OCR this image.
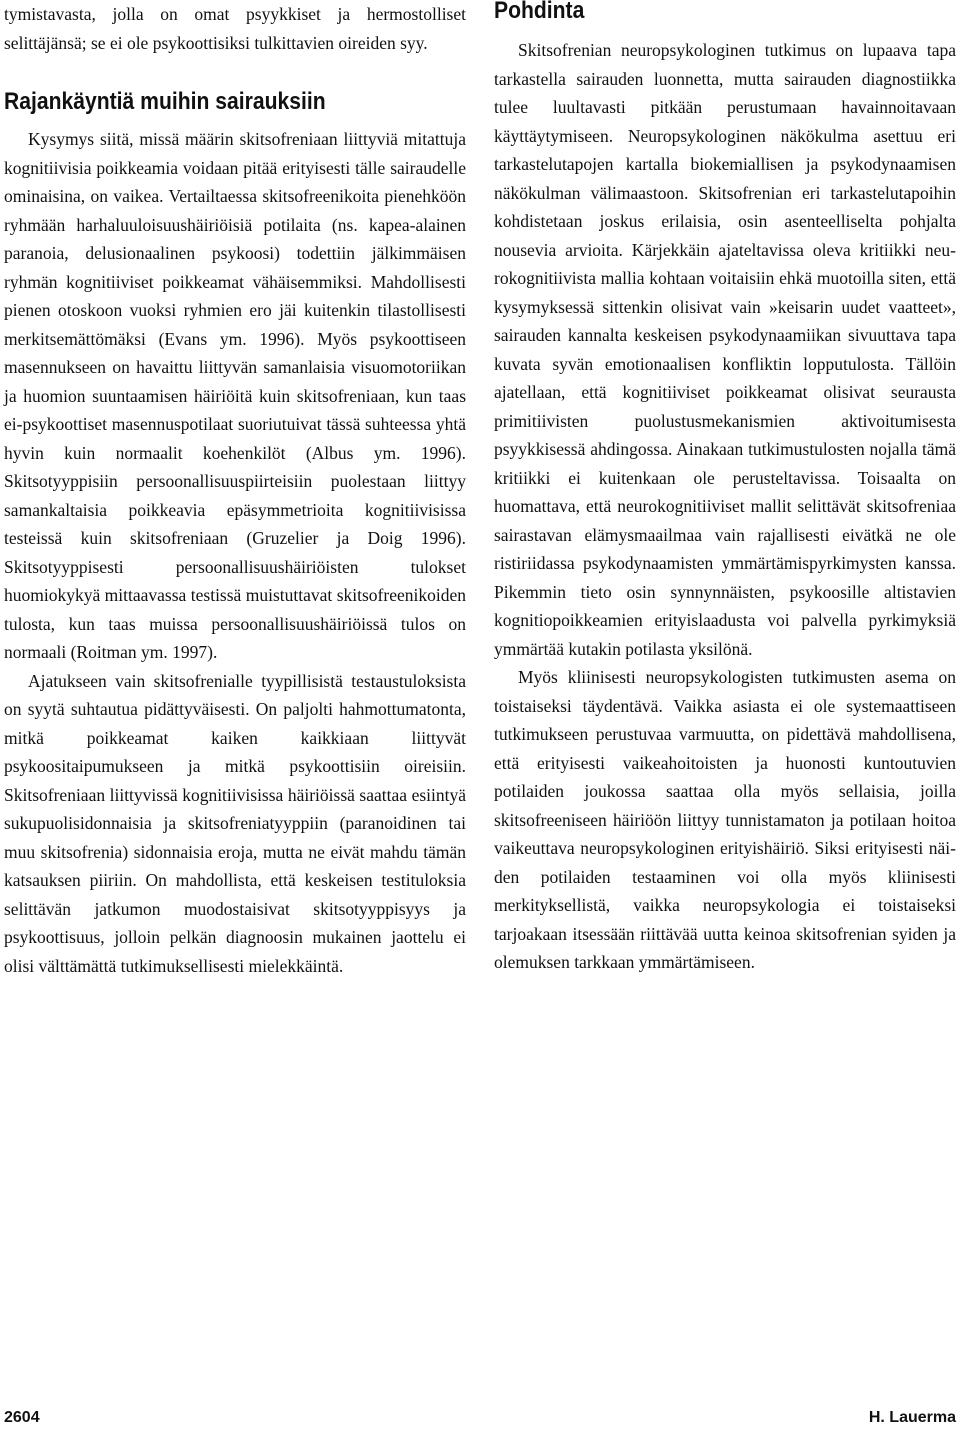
tymistavasta, jolla on omat psyykkiset ja hermostolliset selittäjänsä; se ei ole psykoottisiksi tulkittavien oireiden syy.

Rajankäyntiä muihin sairauksiin

Kysymys siitä, missä määrin skitsofreniaan liittyviä mitattuja kognitiivisia poikkeamia voidaan pitää erityisesti tälle sairaudelle ominaisina, on vaikea. Vertailtaessa skitsofreenikoita pienehköön ryhmään harhaluuloisuushäiriöisiä potilaita (ns. kapea-alainen paranoia, delusionaalinen psykoosi) todettiin jälkimmäisen ryhmän kognitiiviset poikkeamat vähäisemmiksi. Mahdollisesti pienen otoskoon vuoksi ryhmien ero jäi kuitenkin tilastollisesti merkitsemättömäksi (Evans ym. 1996). Myös psykoottiseen masennukseen on havaittu liittyvän samanlaisia visuomotoriikan ja huomion suuntaamisen häiriöitä kuin skitsofreniaan, kun taas ei-psykoottiset masennuspotilaat suoriutuivat tässä suhteessa yhtä hyvin kuin normaalit koehenkilöt (Albus ym. 1996). Skitsotyyppisiin persoonallisuuspiirteisiin puolestaan liittyy samankaltaisia poikkeavia epäsymmetrioita kognitiivisissa testeissä kuin skitsofreniaan (Gruzelier ja Doig 1996). Skitsotyyppisesti persoonallisuushäiriöisten tulokset huomiokykyä mittaavassa testissä muistuttavat skitsofreenikoiden tulosta, kun taas muissa persoonallisuushäiriöissä tulos on normaali (Roitman ym. 1997).

Ajatukseen vain skitsofrenialle tyypillisistä testaustuloksista on syytä suhtautua pidättyväisesti. On paljolti hahmottumatonta, mitkä poikkeamat kaiken kaikkiaan liittyvät psykoositaipumukseen ja mitkä psykoottisiin oireisiin. Skitsofreniaan liittyvissä kognitiivisissa häiriöissä saattaa esiintyä sukupuolisidonnaisia ja skitsofreniatyyppiin (paranoidinen tai muu skitsofrenia) sidonnaisia eroja, mutta ne eivät mahdu tämän katsauksen piiriin. On mahdollista, että keskeisen testituloksia selittävän jatkumon muodostaisivat skitsotyyppisyys ja psykoottisuus, jolloin pelkän diagnoosin mukainen jaottelu ei olisi välttämättä tutkimuksellisesti mielekkäintä.

Pohdinta

Skitsofrenian neuropsykologinen tutkimus on lupaava tapa tarkastella sairauden luonnetta, mutta sairauden diagnostiikka tulee luultavasti pitkään perustumaan havainnoitavaan käyttäytymiseen. Neuropsykologinen näkökulma asettuu eri tarkastelutapojen kartalla biokemiallisen ja psykodynaamisen näkökulman välimaastoon. Skitsofrenian eri tarkastelutapoihin kohdistetaan joskus erilaisia, osin asenteelliselta pohjalta nousevia arvioita. Kärjekkäin ajateltavissa oleva kritiikki neurokognitiivista mallia kohtaan voitaisiin ehkä muotoilla siten, että kysymyksessä sittenkin olisivat vain »keisarin uudet vaatteet», sairauden kannalta keskeisen psykodynaamiikan sivuuttava tapa kuvata syvän emotionaalisen konfliktin lopputulosta. Tällöin ajatellaan, että kognitiiviset poikkeamat olisivat seurausta primitiivisten puolustusmekanismien aktivoitumisesta psyykkisessä ahdingossa. Ainakaan tutkimustulosten nojalla tämä kritiikki ei kuitenkaan ole perusteltavissa. Toisaalta on huomattava, että neurokognitiiviset mallit selittävät skitsofreniaa sairastavan elämysmaailmaa vain rajallisesti eivätkä ne ole ristiriidassa psykodynaamisten ymmärtämispyrkimysten kanssa. Pikemmin tieto osin synnynnäisten, psykoosille altistavien kognitiopoikkeamien erityislaadusta voi palvella pyrkimyksiä ymmärtää kutakin potilasta yksilönä.

Myös kliinisesti neuropsykologisten tutkimusten asema on toistaiseksi täydentävä. Vaikka asiasta ei ole systemaattiseen tutkimukseen perustuvaa varmuutta, on pidettävä mahdollisena, että erityisesti vaikeahoitoisten ja huonosti kuntoutuvien potilaiden joukossa saattaa olla myös sellaisia, joilla skitsofreeniseen häiriöön liittyy tunnistamaton ja potilaan hoitoa vaikeuttava neuropsykologinen erityishäiriö. Siksi erityisesti näiden potilaiden testaaminen voi olla myös kliinisesti merkityksellistä, vaikka neuropsykologia ei toistaiseksi tarjoakaan itsessään riittävää uutta keinoa skitsofrenian syiden ja olemuksen tarkkaan ymmärtämiseen.

2604	H. Lauerma
